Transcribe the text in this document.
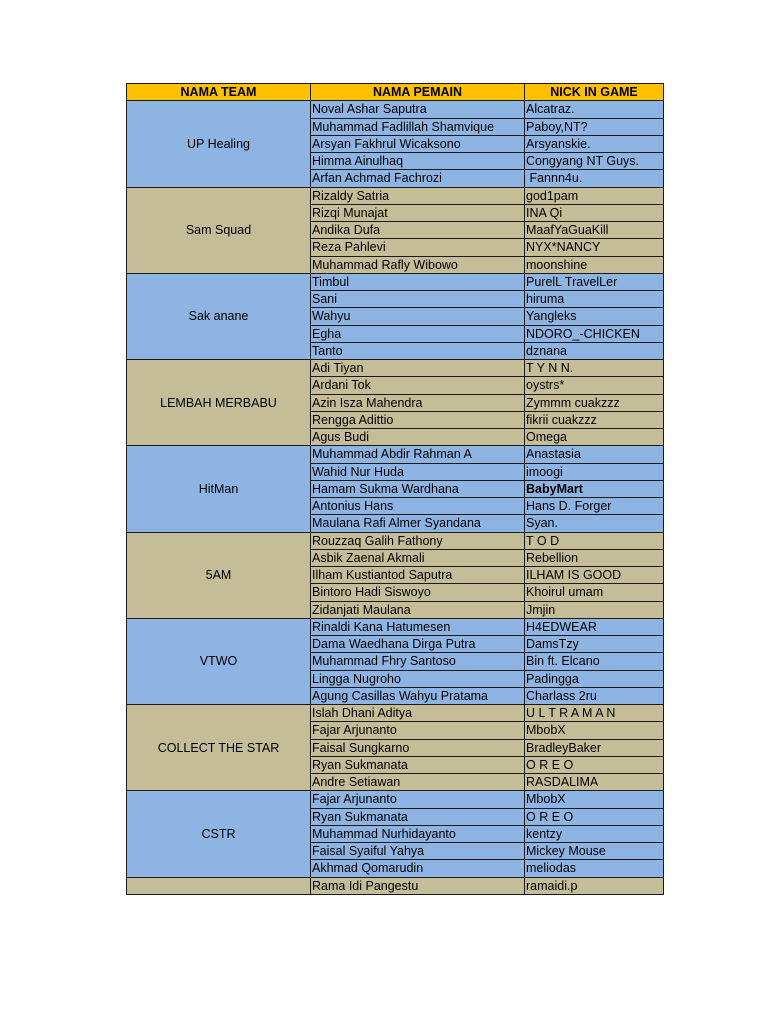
NAMA TEAM	NAMA PEMAIN	NICK IN GAME
UP Healing	Noval Ashar Saputra	Alcatraz.
	Muhammad Fadlillah Shamvique	Paboy,NT?
	Arsyan Fakhrul Wicaksono	Arsyanskie.
	Himma Ainulhaq	Congyang NT Guys.
	Arfan Achmad Fachrozi	Fannn4u.
Sam Squad	Rizaldy Satria	god1pam
	Rizqi Munajat	INA Qi
	Andika Dufa	MaafYaGuaKill
	Reza Pahlevi	NYX*NANCY
	Muhammad Rafly Wibowo	moonshine
Sak anane	Timbul	PurelL TravelLer
	Sani	hiruma
	Wahyu	Yangleks
	Egha	NDORO_-CHICKEN
	Tanto	dznana
LEMBAH MERBABU	Adi Tiyan	T Y N N.
	Ardani Tok	oystrs*
	Azin Isza Mahendra	Zymmm cuakzzz
	Rengga Adittio	fikrii cuakzzz
	Agus Budi	Omega
HitMan	Muhammad Abdir Rahman A	Anastasia
	Wahid Nur Huda	imoogi
	Hamam Sukma Wardhana	BabyMart
	Antonius Hans	Hans D. Forger
	Maulana Rafi Almer Syandana	Syan.
5AM	Rouzzaq Galih Fathony	T O D
	Asbik Zaenal Akmali	Rebellion
	Ilham Kustiantod Saputra	ILHAM IS GOOD
	Bintoro Hadi Siswoyo	Khoirul umam
	Zidanjati Maulana	Jmjin
VTWO	Rinaldi Kana Hatumesen	H4EDWEAR
	Dama Waedhana Dirga Putra	DamsTzy
	Muhammad Fhry Santoso	Bin ft. Elcano
	Lingga Nugroho	Padingga
	Agung Casillas Wahyu Pratama	Charlass 2ru
COLLECT THE STAR	Islah Dhani Aditya	U L T R A M A N
	Fajar Arjunanto	MbobX
	Faisal Sungkarno	BradleyBaker
	Ryan Sukmanata	O R E O
	Andre Setiawan	RASDALIMA
CSTR	Fajar Arjunanto	MbobX
	Ryan Sukmanata	O R E O
	Muhammad Nurhidayanto	kentzy
	Faisal Syaiful Yahya	Mickey Mouse
	Akhmad Qomarudin	meliodas
	Rama Idi Pangestu	ramaidi.p
